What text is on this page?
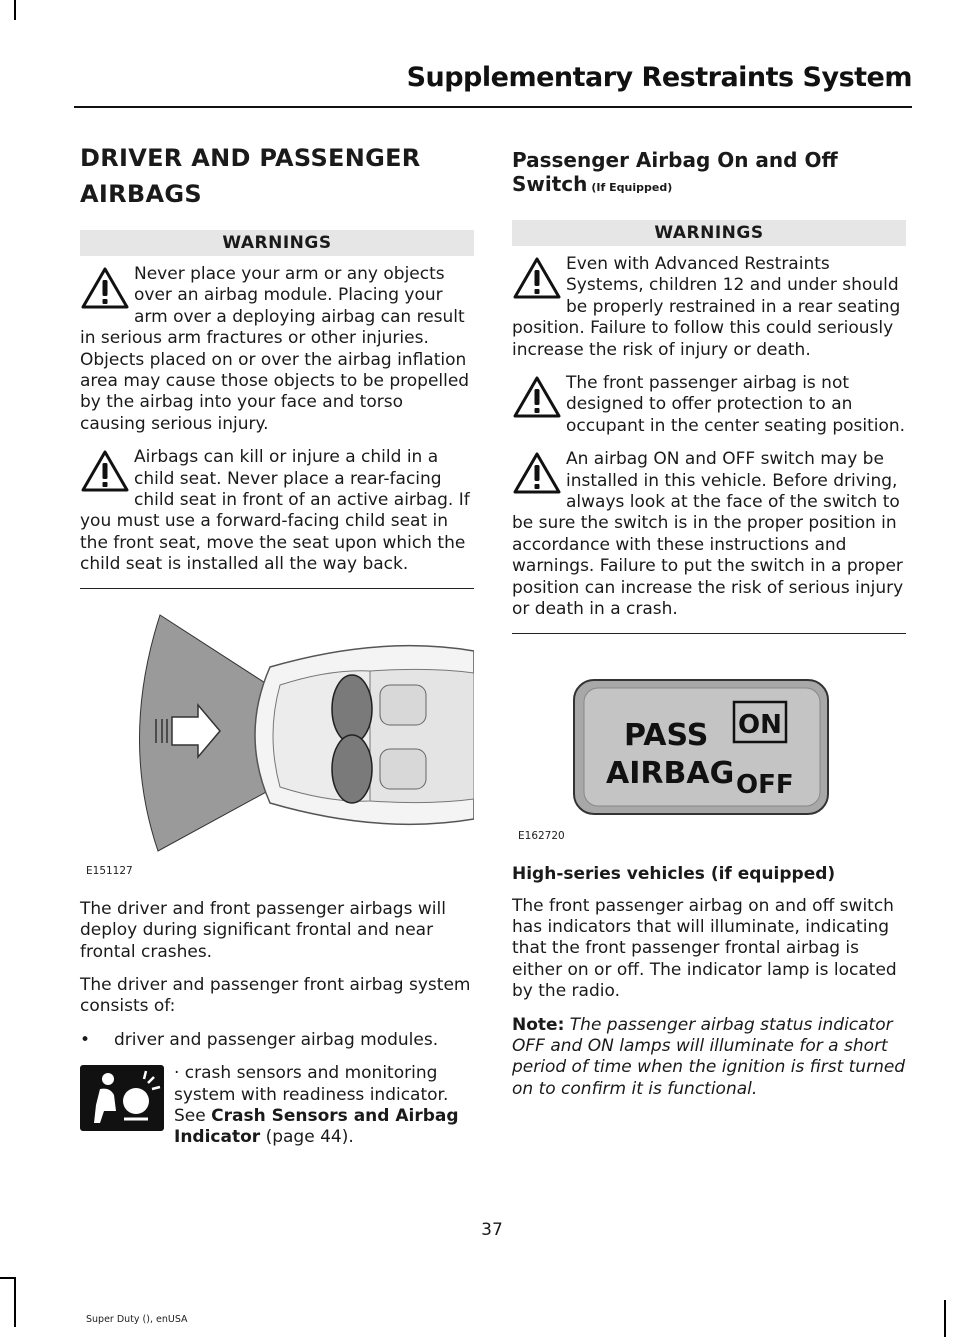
Supplementary Restraints System
DRIVER AND PASSENGER AIRBAGS
WARNINGS
Never place your arm or any objects over an airbag module. Placing your arm over a deploying airbag can result in serious arm fractures or other injuries. Objects placed on or over the airbag inflation area may cause those objects to be propelled by the airbag into your face and torso causing serious injury.
Airbags can kill or injure a child in a child seat. Never place a rear-facing child seat in front of an active airbag. If you must use a forward-facing child seat in the front seat, move the seat upon which the child seat is installed all the way back.
E151127

The driver and front passenger airbags will deploy during significant frontal and near frontal crashes.

The driver and passenger front airbag system consists of:

•	driver and passenger airbag modules.
· crash sensors and monitoring system with readiness indicator. See Crash Sensors and Airbag Indicator (page 44).
Passenger Airbag On and Off Switch (If Equipped)
WARNINGS
Even with Advanced Restraints Systems, children 12 and under should be properly restrained in a rear seating position. Failure to follow this could seriously increase the risk of injury or death.
The front passenger airbag is not designed to offer protection to an occupant in the center seating position.
An airbag ON and OFF switch may be installed in this vehicle. Before driving, always look at the face of the switch to be sure the switch is in the proper position in accordance with these instructions and warnings. Failure to put the switch in a proper position can increase the risk of serious injury or death in a crash.
PASS
AIRBAG
ON
OFF
E162720

High-series vehicles (if equipped)

The front passenger airbag on and off switch has indicators that will illuminate, indicating that the front passenger frontal airbag is either on or off. The indicator lamp is located by the radio.

Note: The passenger airbag status indicator OFF and ON lamps will illuminate for a short period of time when the ignition is first turned on to confirm it is functional.

37
Super Duty (), enUSA
